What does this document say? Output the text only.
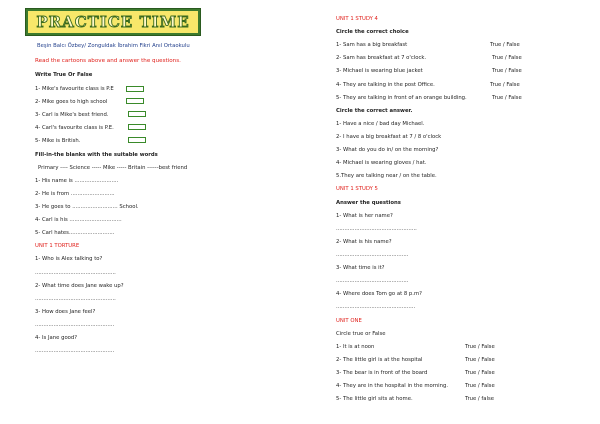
PRACTICE TIME
Beşin Balcı Özbey/ Zonguldak İbrahim Fikri Anıl Ortaokulu
Read the cartoons above and answer the questions.
Write True Or False
1- Mike's favourite class is P.E
2- Mike goes to high school
3- Carl is Mike's best friend.
4- Carl's favourite class is P.E.
5- Mike is British.
Fill-in-the blanks with the suitable words
Primary ---- Science ----- Mike ----- Britain ------best friend
1- His name is ..........................
2- He is from ..........................
3- He goes to ........................... School.
4- Carl is his ...............................
5- Carl hates...........................
UNIT 1 TORTURE
1- Who is Alex talking to?
................................................
2- What time does Jane wake up?
................................................
3- How does Jane feel?
...............................................
4- Is Jane good?
...............................................
UNIT 1 STUDY 4
Circle the correct choice
1- Sam has a big breakfast	True / False
2- Sam has breakfast at 7 o'clock.	True / False
3- Michael is wearing blue jacket	True / False
4- They are talking in the post Office.	True / False
5- They are talking in front of an orange building.	True / False
Circle the correct answer.
1- Have a nice / bad day Michael.
2- I have a big breakfast at 7 / 8 o'clock
3- What do you do in/ on the morning?
4- Michael is wearing gloves / hat.
5.They are talking near / on the table.
UNIT 1 STUDY 5
Answer the questions
1- What is her name?
................................................
2- What is his name?
...........................................
3- What time is it?
...........................................
4- Where does Tom go at 8 p.m?
...............................................
UNIT ONE
Circle true or False
1- It is at noon	True / False
2- The little girl is at the hospital	True / False
3- The bear is in front of the board	True / False
4- They are in the hospital in the morning.	True / False
5- The little girl sits at home.	True / false
